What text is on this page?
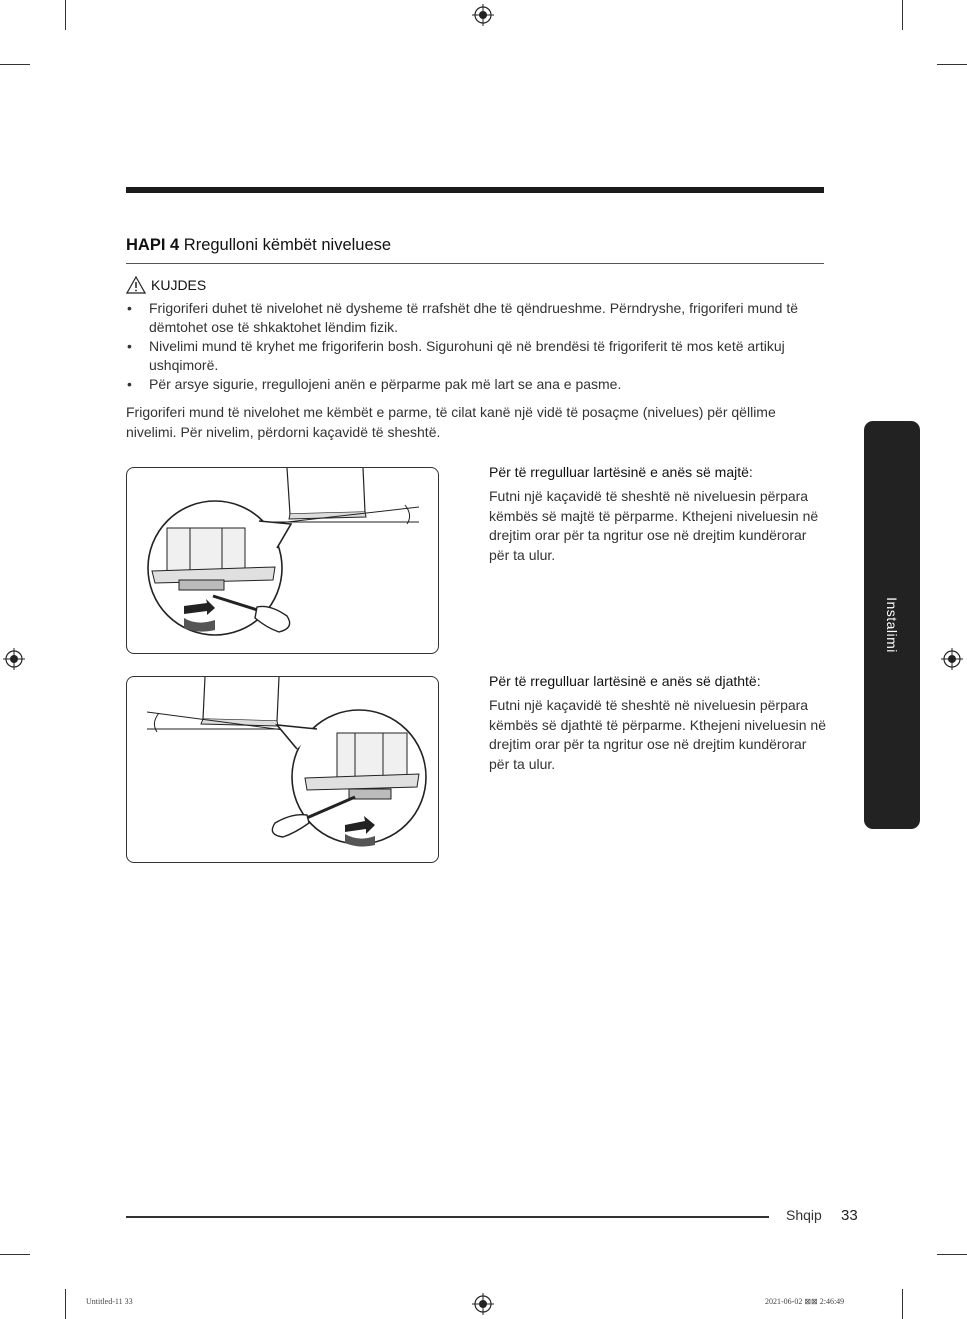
HAPI 4 Rregulloni këmbët niveluese
KUJDES
• Frigoriferi duhet të nivelohet në dysheme të rrafshët dhe të qëndrueshme. Përndryshe, frigoriferi mund të dëmtohet ose të shkaktohet lëndim fizik.
• Nivelimi mund të kryhet me frigoriferin bosh. Sigurohuni që në brendësi të frigoriferit të mos ketë artikuj ushqimorë.
• Për arsye sigurie, rregullojeni anën e përparme pak më lart se ana e pasme.

Frigoriferi mund të nivelohet me këmbët e parme, të cilat kanë një vidë të posaçme (nivelues) për qëllime nivelimi. Për nivelim, përdorni kaçavidë të sheshtë.

Për të rregulluar lartësinë e anës së majtë:

Futni një kaçavidë të sheshtë në niveluesin përpara këmbës së majtë të përparme. Kthejeni niveluesin në drejtim orar për ta ngritur ose në drejtim kundërorar për ta ulur.

Për të rregulluar lartësinë e anës së djathtë:

Futni një kaçavidë të sheshtë në niveluesin përpara këmbës së djathtë të përparme. Kthejeni niveluesin në drejtim orar për ta ngritur ose në drejtim kundërorar për ta ulur.

Instalimi
Shqip 33
Untitled-11 33	2021-06-02 ⊠⊠ 2:46:49
